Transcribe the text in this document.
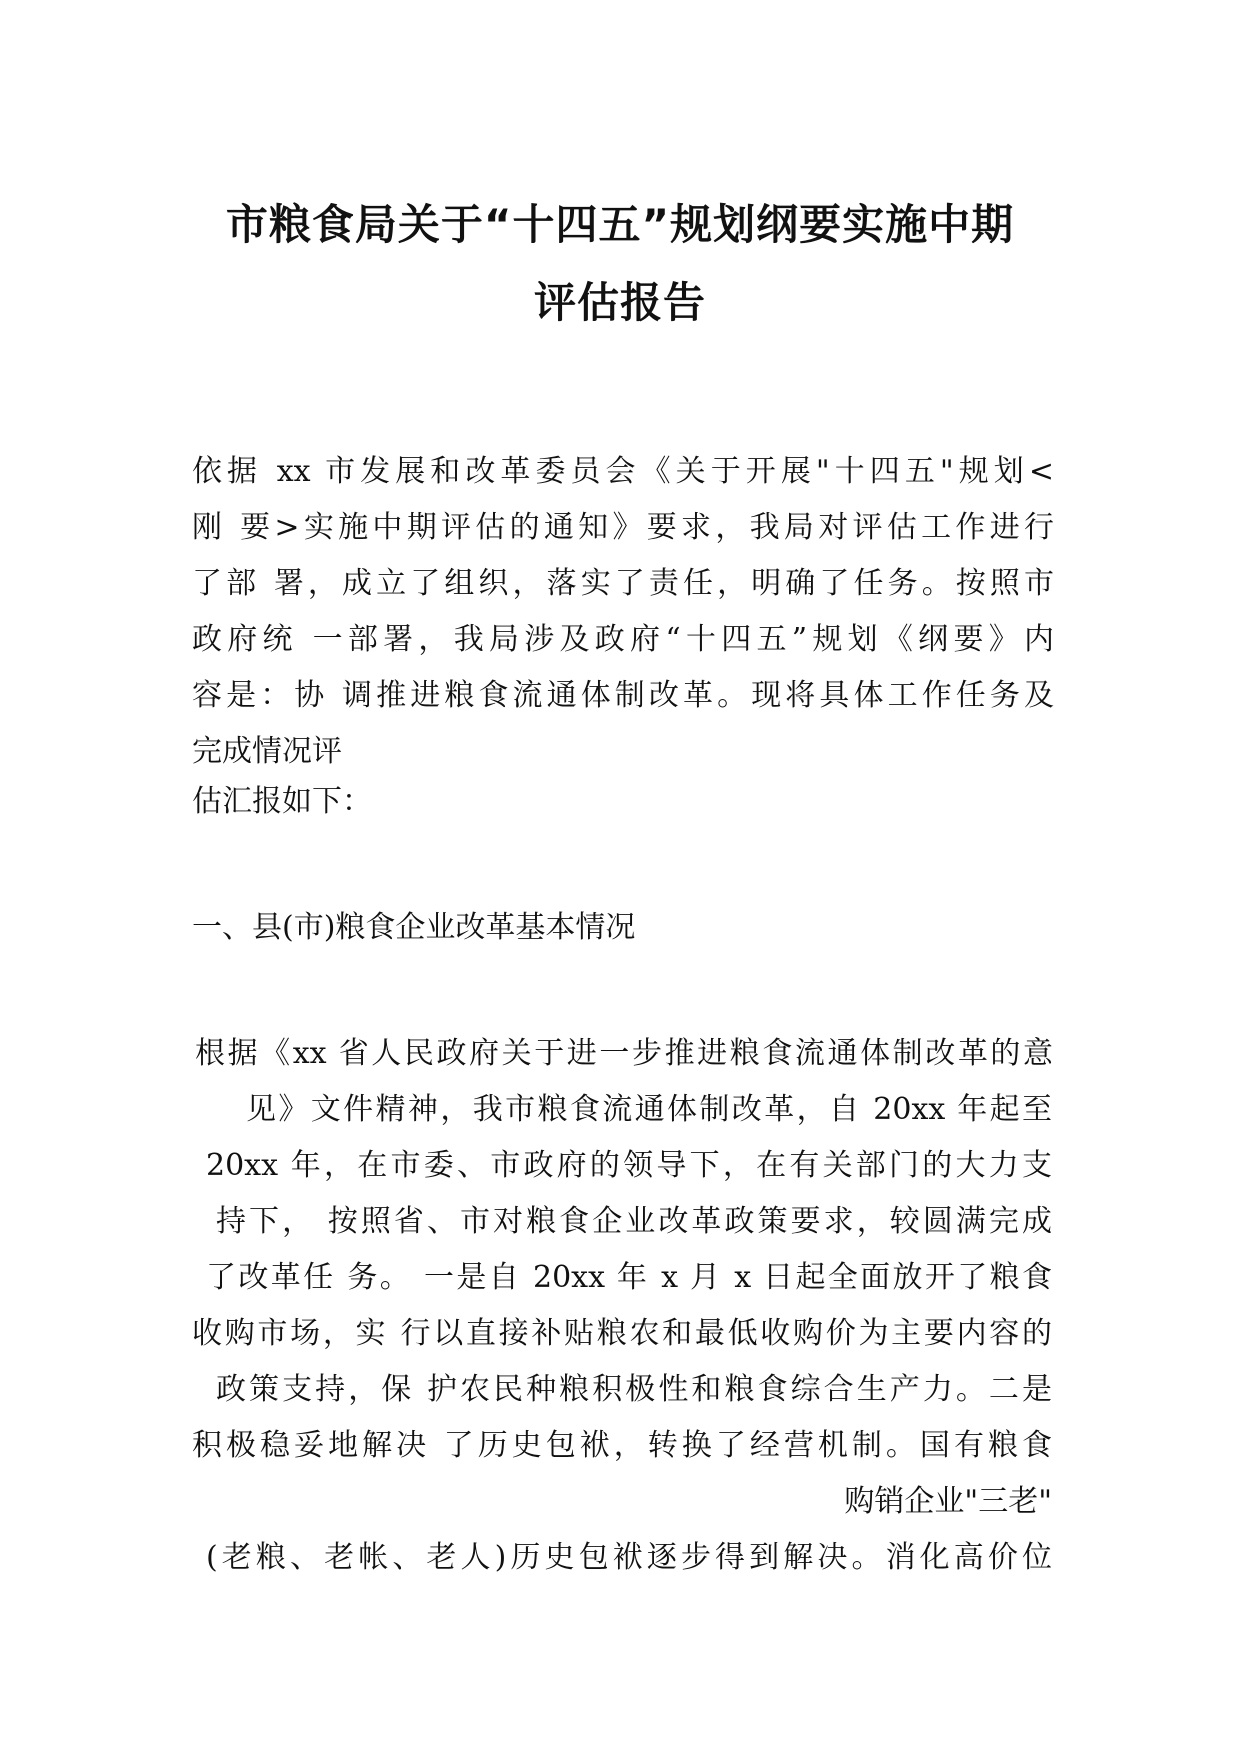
市粮食局关于“十四五”规划纲要实施中期
评估报告
依据 xx 市发展和改革委员会《关于开展"十四五"规划<
刚 要>实施中期评估的通知》要求，我局对评估工作进行
了部 署，成立了组织，落实了责任，明确了任务。按照市
政府统 一部署，我局涉及政府“十四五”规划《纲要》内
容是：协 调推进粮食流通体制改革。现将具体工作任务及
完成情况评
估汇报如下：
一、县(市)粮食企业改革基本情况
根据《xx 省人民政府关于进一步推进粮食流通体制改革的意
见》文件精神，我市粮食流通体制改革，自 20xx 年起至
20xx 年，在市委、市政府的领导下，在有关部门的大力支
持下， 按照省、市对粮食企业改革政策要求，较圆满完成
了改革任 务。 一是自 20xx 年 x 月 x 日起全面放开了粮食
收购市场，实 行以直接补贴粮农和最低收购价为主要内容的
政策支持，保 护农民种粮积极性和粮食综合生产力。二是
积极稳妥地解决 了历史包袱，转换了经营机制。国有粮食
购销企业"三老"
(老粮、老帐、老人)历史包袱逐步得到解决。消化高价位
